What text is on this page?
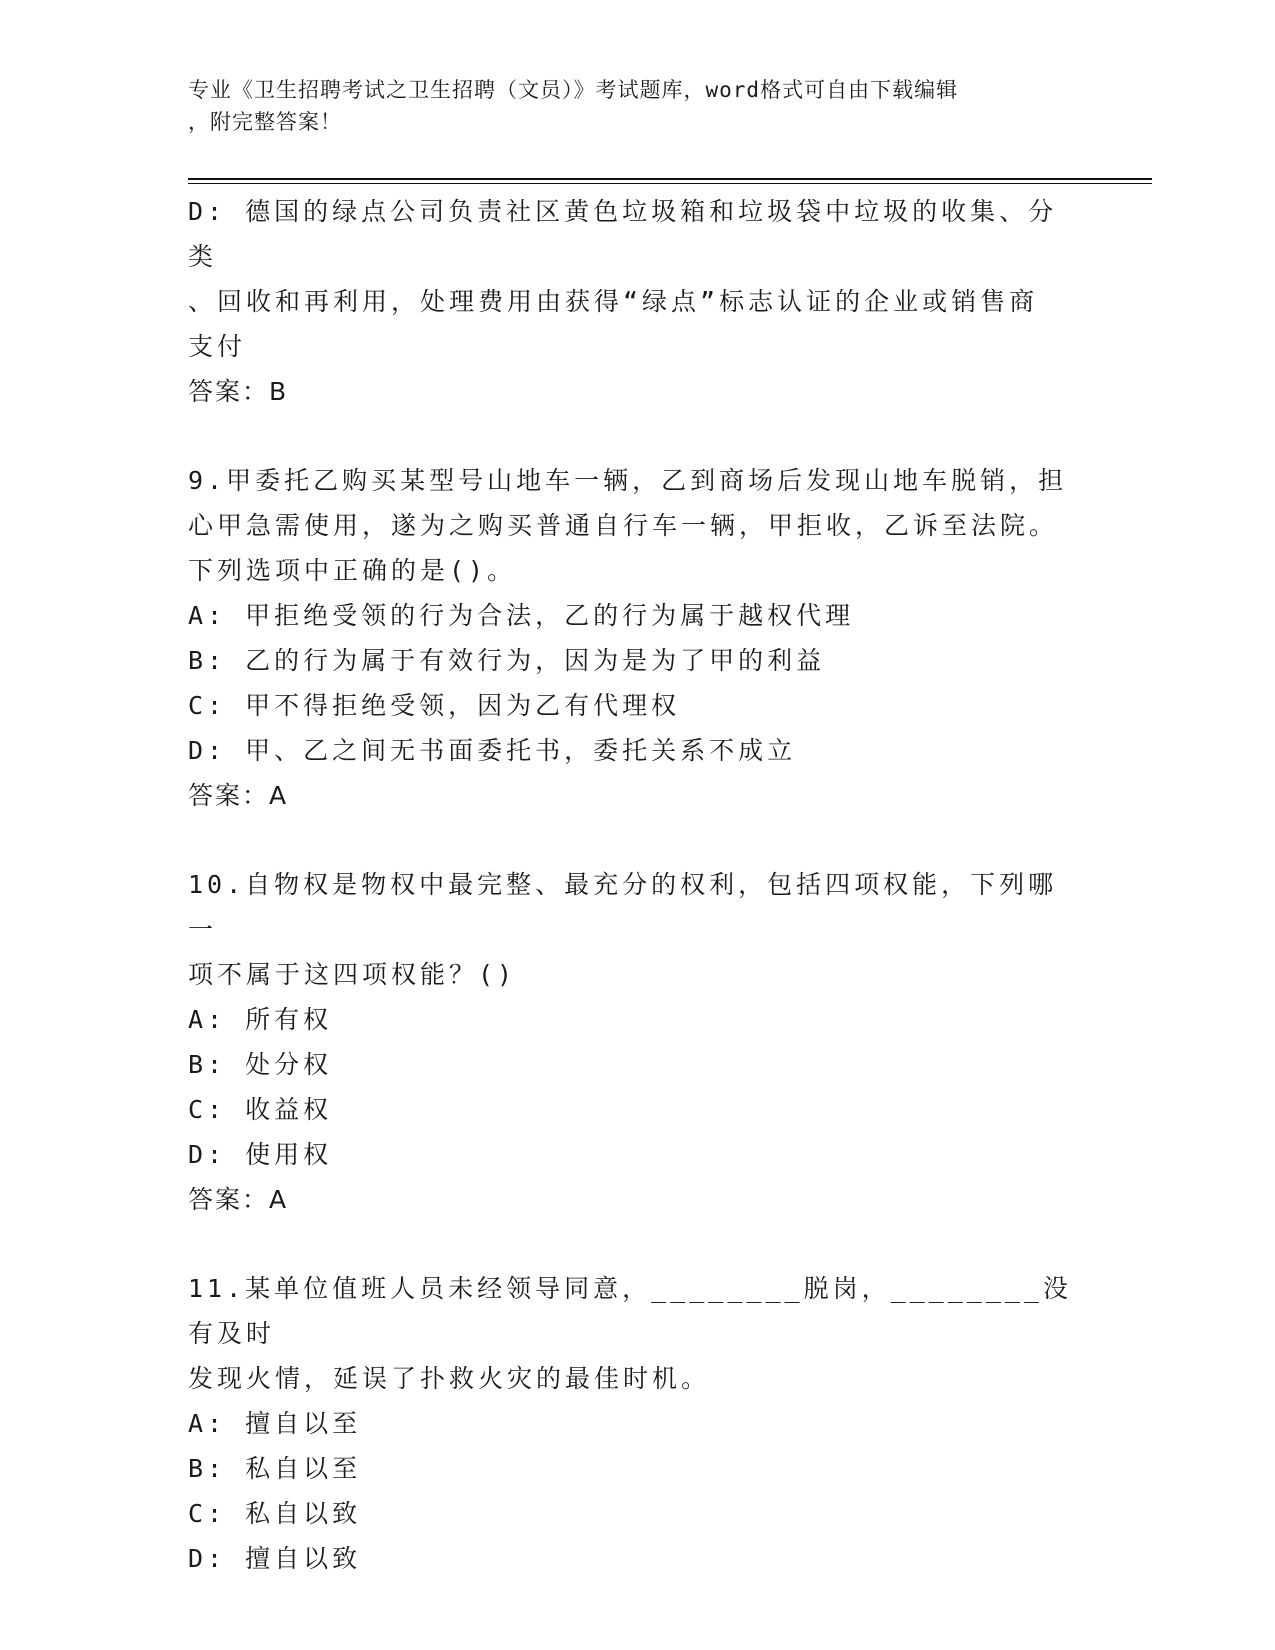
专业《卫生招聘考试之卫生招聘（文员）》考试题库，word格式可自由下载编辑
，附完整答案！

D: 德国的绿点公司负责社区黄色垃圾箱和垃圾袋中垃圾的收集、分类

、回收和再利用，处理费用由获得“绿点”标志认证的企业或销售商

支付

答案：B

9.甲委托乙购买某型号山地车一辆，乙到商场后发现山地车脱销，担

心甲急需使用，遂为之购买普通自行车一辆，甲拒收，乙诉至法院。

下列选项中正确的是()。

A: 甲拒绝受领的行为合法，乙的行为属于越权代理

B: 乙的行为属于有效行为，因为是为了甲的利益

C: 甲不得拒绝受领，因为乙有代理权

D: 甲、乙之间无书面委托书，委托关系不成立

答案：A

10.自物权是物权中最完整、最充分的权利，包括四项权能，下列哪一

项不属于这四项权能？()

A: 所有权

B: 处分权

C: 收益权

D: 使用权

答案：A

11.某单位值班人员未经领导同意，________脱岗，________没有及时

发现火情，延误了扑救火灾的最佳时机。

A: 擅自以至

B: 私自以至

C: 私自以致

D: 擅自以致
